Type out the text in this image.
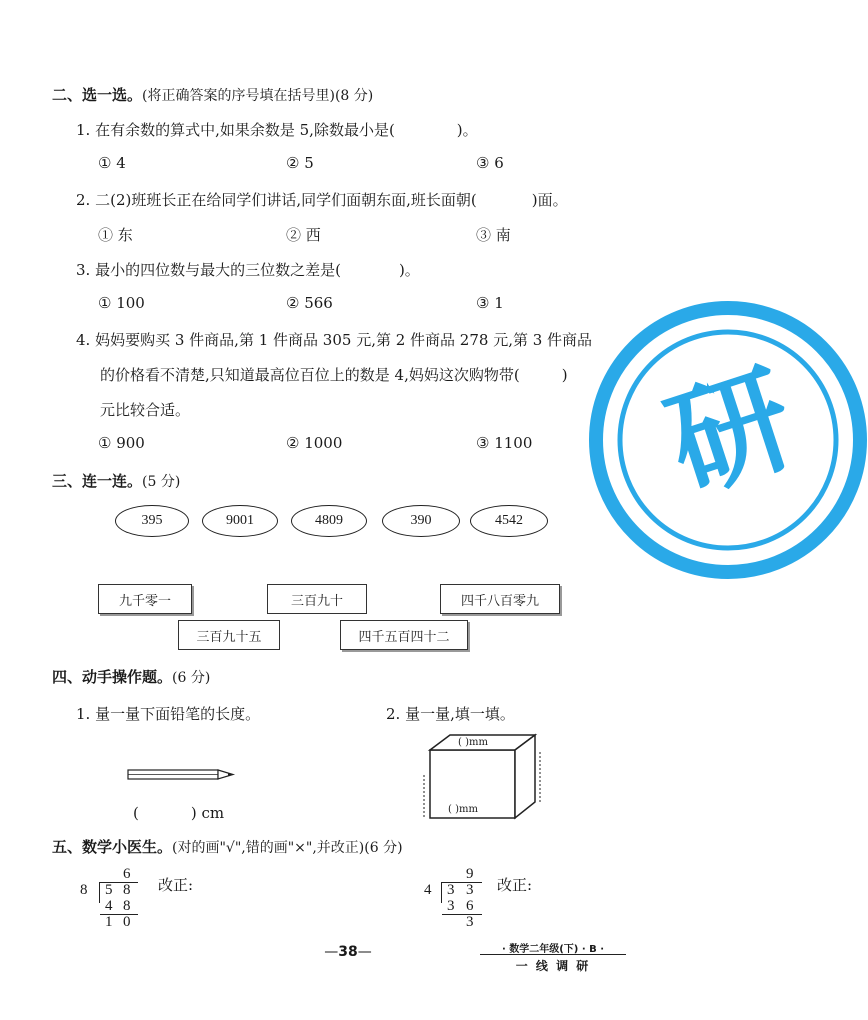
研
二、选一选。(将正确答案的序号填在括号里)(8 分)
1. 在有余数的算式中,如果余数是 5,除数最小是(	)。
① 4	② 5	③ 6
2. 二(2)班班长正在给同学们讲话,同学们面朝东面,班长面朝(	)面。
① 东	② 西	③ 南
3. 最小的四位数与最大的三位数之差是(	)。
① 100	② 566	③ 1
4. 妈妈要购买 3 件商品,第 1 件商品 305 元,第 2 件商品 278 元,第 3 件商品
的价格看不清楚,只知道最高位百位上的数是 4,妈妈这次购物带(	)
元比较合适。
① 900	② 1000	③ 1100
三、连一连。(5 分)
395	9001	4809	390	4542
九千零一	三百九十	四千八百零九
三百九十五	四千五百四十二
四、动手操作题。(6 分)
1. 量一量下面铅笔的长度。	2. 量一量,填一填。
(	) cm
( )mm
( )mm
五、数学小医生。(对的画"√",错的画"×",并改正)(6 分)
6
8 5 8
4 8
1 0
改正:
9
4 3 3
3 6
3
改正:
—38—	· 数学二年级(下) · B ·
一 线 调 研
